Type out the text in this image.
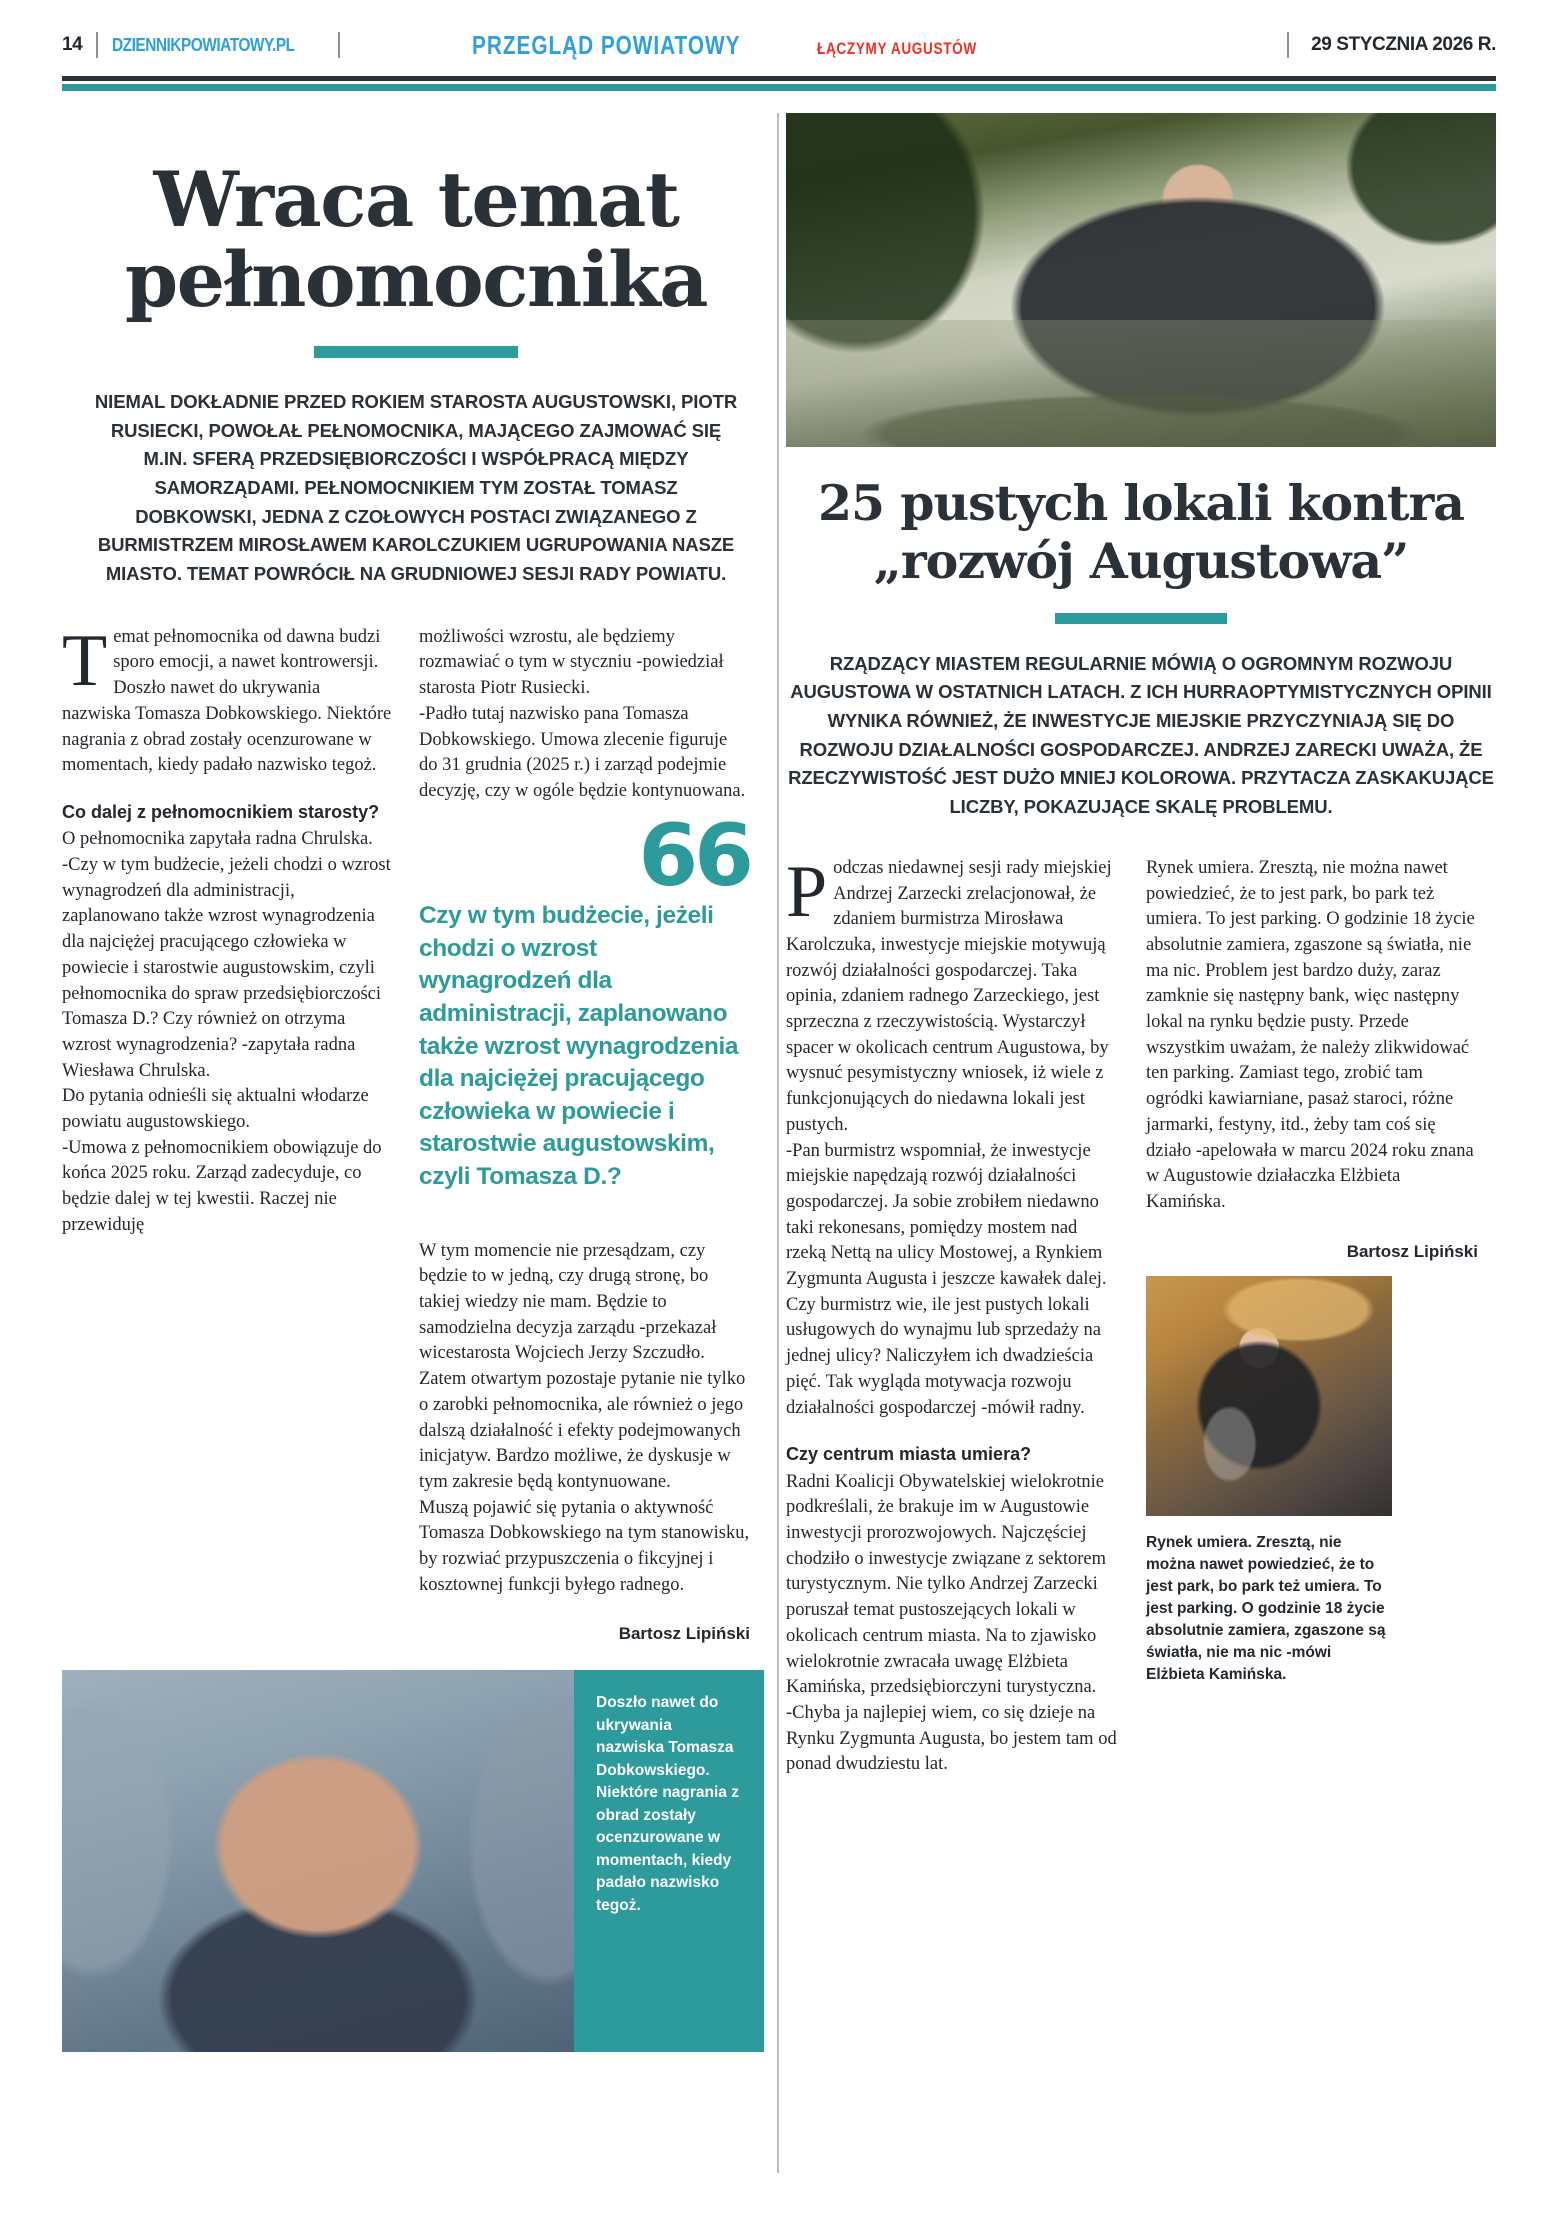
14 DZIENNIKPOWIATOWY.PL	PRZEGLĄD POWIATOWY	ŁĄCZYMY AUGUSTÓW	29 STYCZNIA 2026 R.
Wraca temat
pełnomocnika
NIEMAL DOKŁADNIE PRZED ROKIEM STAROSTA AUGUSTOWSKI, PIOTR RUSIECKI, POWOŁAŁ PEŁNOMOCNIKA, MAJĄCEGO ZAJMOWAĆ SIĘ M.IN. SFERĄ PRZEDSIĘBIORCZOŚCI I WSPÓŁPRACĄ MIĘDZY SAMORZĄDAMI. PEŁNOMOCNIKIEM TYM ZOSTAŁ TOMASZ DOBKOWSKI, JEDNA Z CZOŁOWYCH POSTACI ZWIĄZANEGO Z BURMISTRZEM MIROSŁAWEM KAROLCZUKIEM UGRUPOWANIA NASZE MIASTO. TEMAT POWRÓCIŁ NA GRUDNIOWEJ SESJI RADY POWIATU.

Temat pełnomocnika od dawna budzi sporo emocji, a nawet kontrowersji.

Doszło nawet do ukrywania nazwiska Tomasza Dobkowskiego. Niektóre nagrania z obrad zostały ocenzurowane w momentach, kiedy padało nazwisko tegoż.

Co dalej z pełnomocnikiem starosty?

O pełnomocnika zapytała radna Chrulska.

-Czy w tym budżecie, jeżeli chodzi o wzrost wynagrodzeń dla administracji, zaplanowano także wzrost wynagrodzenia dla najciężej pracującego człowieka w powiecie i starostwie augustowskim, czyli pełnomocnika do spraw przedsiębiorczości Tomasza D.? Czy również on otrzyma wzrost wynagrodzenia? -zapytała radna Wiesława Chrulska.

Do pytania odnieśli się aktualni włodarze powiatu augustowskiego.

-Umowa z pełnomocnikiem obowiązuje do końca 2025 roku. Zarząd zadecyduje, co będzie dalej w tej kwestii. Raczej nie przewiduję

możliwości wzrostu, ale będziemy rozmawiać o tym w styczniu -powiedział starosta Piotr Rusiecki.

-Padło tutaj nazwisko pana Tomasza Dobkowskiego. Umowa zlecenie figuruje do 31 grudnia (2025 r.) i zarząd podejmie decyzję, czy w ogóle będzie kontynuowana.

66
Czy w tym budżecie, jeżeli chodzi o wzrost wynagrodzeń dla administracji, zaplanowano także wzrost wynagrodzenia dla najciężej pracującego człowieka w powiecie i starostwie augustowskim, czyli Tomasza D.?

W tym momencie nie przesądzam, czy będzie to w jedną, czy drugą stronę, bo takiej wiedzy nie mam. Będzie to samodzielna decyzja zarządu -przekazał wicestarosta Wojciech Jerzy Szczudło.

Zatem otwartym pozostaje pytanie nie tylko o zarobki pełnomocnika, ale również o jego dalszą działalność i efekty podejmowanych inicjatyw. Bardzo możliwe, że dyskusje w tym zakresie będą kontynuowane.

Muszą pojawić się pytania o aktywność Tomasza Dobkowskiego na tym stanowisku, by rozwiać przypuszczenia o fikcyjnej i kosztownej funkcji byłego radnego.

Bartosz Lipiński
Doszło nawet do ukrywania nazwiska Tomasza Dobkowskiego. Niektóre nagrania z obrad zostały ocenzurowane w momentach, kiedy padało nazwisko tegoż.
25 pustych lokali kontra
„rozwój Augustowa”
RZĄDZĄCY MIASTEM REGULARNIE MÓWIĄ O OGROMNYM ROZWOJU AUGUSTOWA W OSTATNICH LATACH. Z ICH HURRAOPTYMISTYCZNYCH OPINII WYNIKA RÓWNIEŻ, ŻE INWESTYCJE MIEJSKIE PRZYCZYNIAJĄ SIĘ DO ROZWOJU DZIAŁALNOŚCI GOSPODARCZEJ. ANDRZEJ ZARECKI UWAŻA, ŻE RZECZYWISTOŚĆ JEST DUŻO MNIEJ KOLOROWA. PRZYTACZA ZASKAKUJĄCE LICZBY, POKAZUJĄCE SKALĘ PROBLEMU.

Podczas niedawnej sesji rady miejskiej Andrzej Zarzecki zrelacjonował, że zdaniem burmistrza Mirosława Karolczuka, inwestycje miejskie motywują rozwój działalności gospodarczej. Taka opinia, zdaniem radnego Zarzeckiego, jest sprzeczna z rzeczywistością. Wystarczył spacer w okolicach centrum Augustowa, by wysnuć pesymistyczny wniosek, iż wiele z funkcjonujących do niedawna lokali jest pustych.

-Pan burmistrz wspomniał, że inwestycje miejskie napędzają rozwój działalności gospodarczej. Ja sobie zrobiłem niedawno taki rekonesans, pomiędzy mostem nad rzeką Nettą na ulicy Mostowej, a Rynkiem Zygmunta Augusta i jeszcze kawałek dalej. Czy burmistrz wie, ile jest pustych lokali usługowych do wynajmu lub sprzedaży na jednej ulicy? Naliczyłem ich dwadzieścia pięć. Tak wygląda motywacja rozwoju działalności gospodarczej -mówił radny.

Czy centrum miasta umiera?

Radni Koalicji Obywatelskiej wielokrotnie podkreślali, że brakuje im w Augustowie inwestycji prorozwojowych. Najczęściej chodziło o inwestycje związane z sektorem turystycznym. Nie tylko Andrzej Zarzecki poruszał temat pustoszejących lokali w okolicach centrum miasta. Na to zjawisko wielokrotnie zwracała uwagę Elżbieta Kamińska, przedsiębiorczyni turystyczna.

-Chyba ja najlepiej wiem, co się dzieje na Rynku Zygmunta Augusta, bo jestem tam od ponad dwudziestu lat.

Rynek umiera. Zresztą, nie można nawet powiedzieć, że to jest park, bo park też umiera. To jest parking. O godzinie 18 życie absolutnie zamiera, zgaszone są światła, nie ma nic. Problem jest bardzo duży, zaraz zamknie się następny bank, więc następny lokal na rynku będzie pusty. Przede wszystkim uważam, że należy zlikwidować ten parking. Zamiast tego, zrobić tam ogródki kawiarniane, pasaż staroci, różne jarmarki, festyny, itd., żeby tam coś się działo -apelowała w marcu 2024 roku znana w Augustowie działaczka Elżbieta Kamińska.

Bartosz Lipiński
Rynek umiera. Zresztą, nie można nawet powiedzieć, że to jest park, bo park też umiera. To jest parking. O godzinie 18 życie absolutnie zamiera, zgaszone są światła, nie ma nic -mówi Elżbieta Kamińska.
